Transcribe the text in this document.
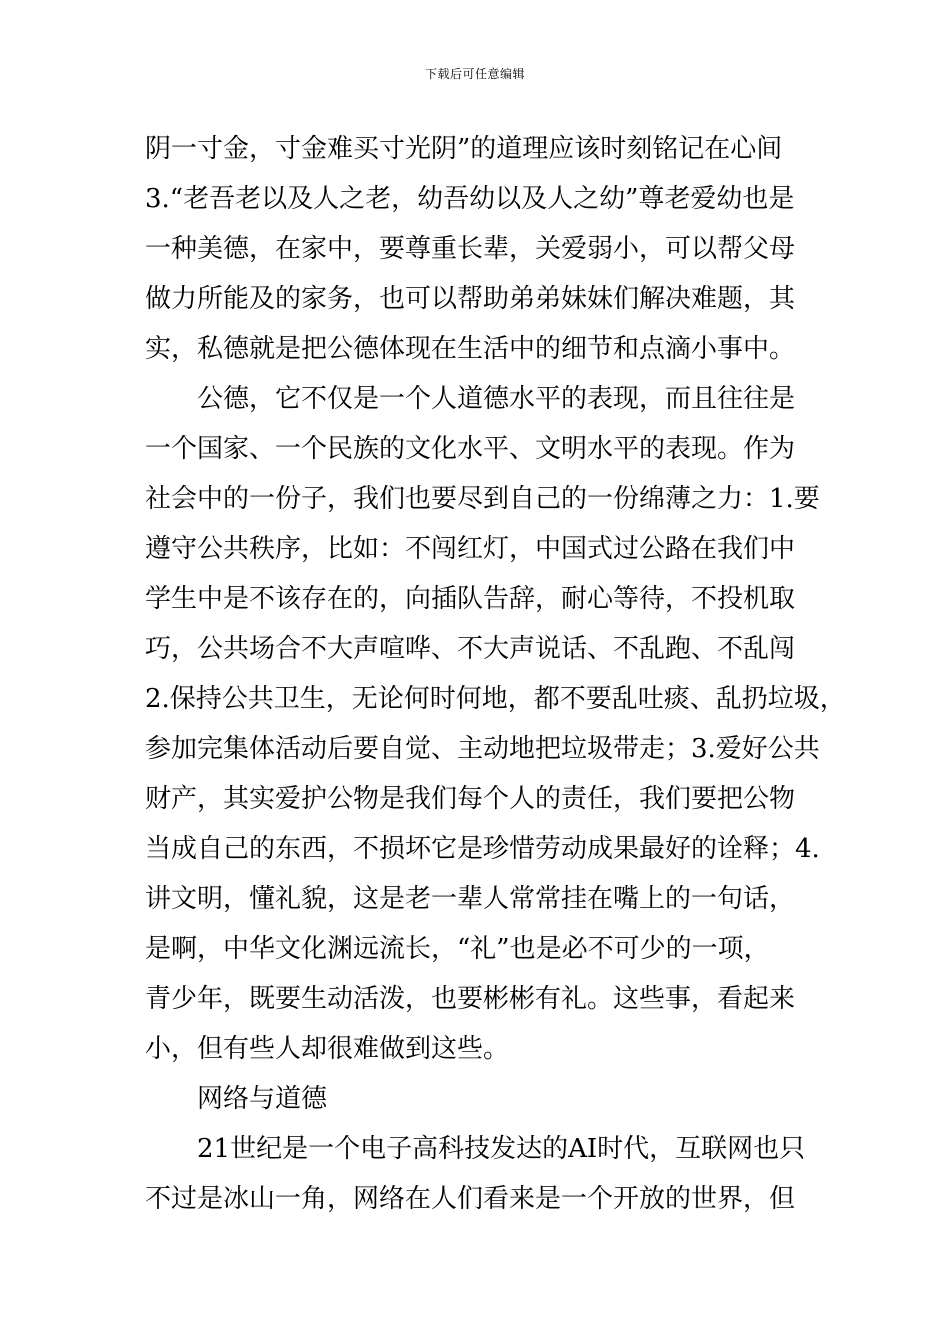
下载后可任意编辑
阴一寸金，寸金难买寸光阴”的道理应该时刻铭记在心间
3.“老吾老以及人之老，幼吾幼以及人之幼”尊老爱幼也是
一种美德，在家中，要尊重长辈，关爱弱小，可以帮父母
做力所能及的家务，也可以帮助弟弟妹妹们解决难题，其
实，私德就是把公德体现在生活中的细节和点滴小事中。
公德，它不仅是一个人道德水平的表现，而且往往是
一个国家、一个民族的文化水平、文明水平的表现。作为
社会中的一份子，我们也要尽到自己的一份绵薄之力：1.要
遵守公共秩序，比如：不闯红灯，中国式过公路在我们中
学生中是不该存在的，向插队告辞，耐心等待，不投机取
巧，公共场合不大声喧哗、不大声说话、不乱跑、不乱闯
2.保持公共卫生，无论何时何地，都不要乱吐痰、乱扔垃圾，
参加完集体活动后要自觉、主动地把垃圾带走；3.爱好公共
财产，其实爱护公物是我们每个人的责任，我们要把公物
当成自己的东西，不损坏它是珍惜劳动成果最好的诠释；4.
讲文明，懂礼貌，这是老一辈人常常挂在嘴上的一句话，
是啊，中华文化渊远流长，“礼”也是必不可少的一项，
青少年，既要生动活泼，也要彬彬有礼。这些事，看起来
小，但有些人却很难做到这些。
网络与道德
21世纪是一个电子高科技发达的AI时代，互联网也只
不过是冰山一角，网络在人们看来是一个开放的世界，但
